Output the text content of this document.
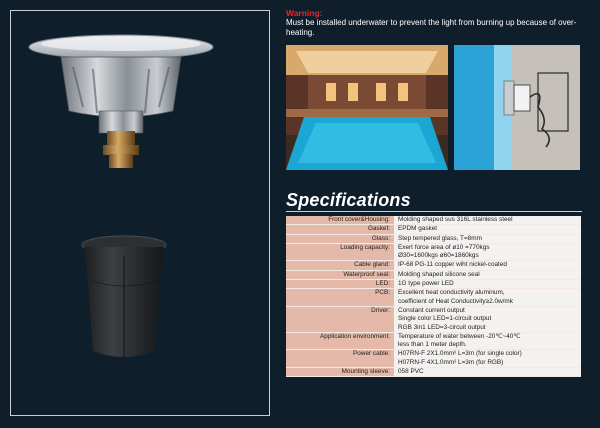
Warning:
Must be installed underwater to prevent the light from burning up because of over-heating.
Specifications
Front cover&Housing:	Molding shaped sus 316L stainless steel

Gasket:	EPDM gasket

Glass:	Step tempered glass, T=8mm

Loading capacity:	Exert force area of ø10 =770kgs
Ø30=1600kgs ø60=1860kgs

Cable gland:	IP-68 PG-11 copper wiht nickel-coated

Waterproof seal:	Molding shaped silicone seal

LED:	1G type power LED

PCB:	Excellent heat conductivity aluminum,
coefficient of Heat Conductivity≥2.0w/mk

Driver:	Constant current output
Single color LED=1-circuit output
RGB 3in1 LED=3-circuit output

Application environment:	Temperature of water between -20℃~40℃
less than 1 meter depth.

Power cable:	H07RN-F 2X1.0mm² L=3m (for single color)
H07RN-F 4X1.0mm² L=3m (for RGB)

Mounting sleeve:	058 PVC
